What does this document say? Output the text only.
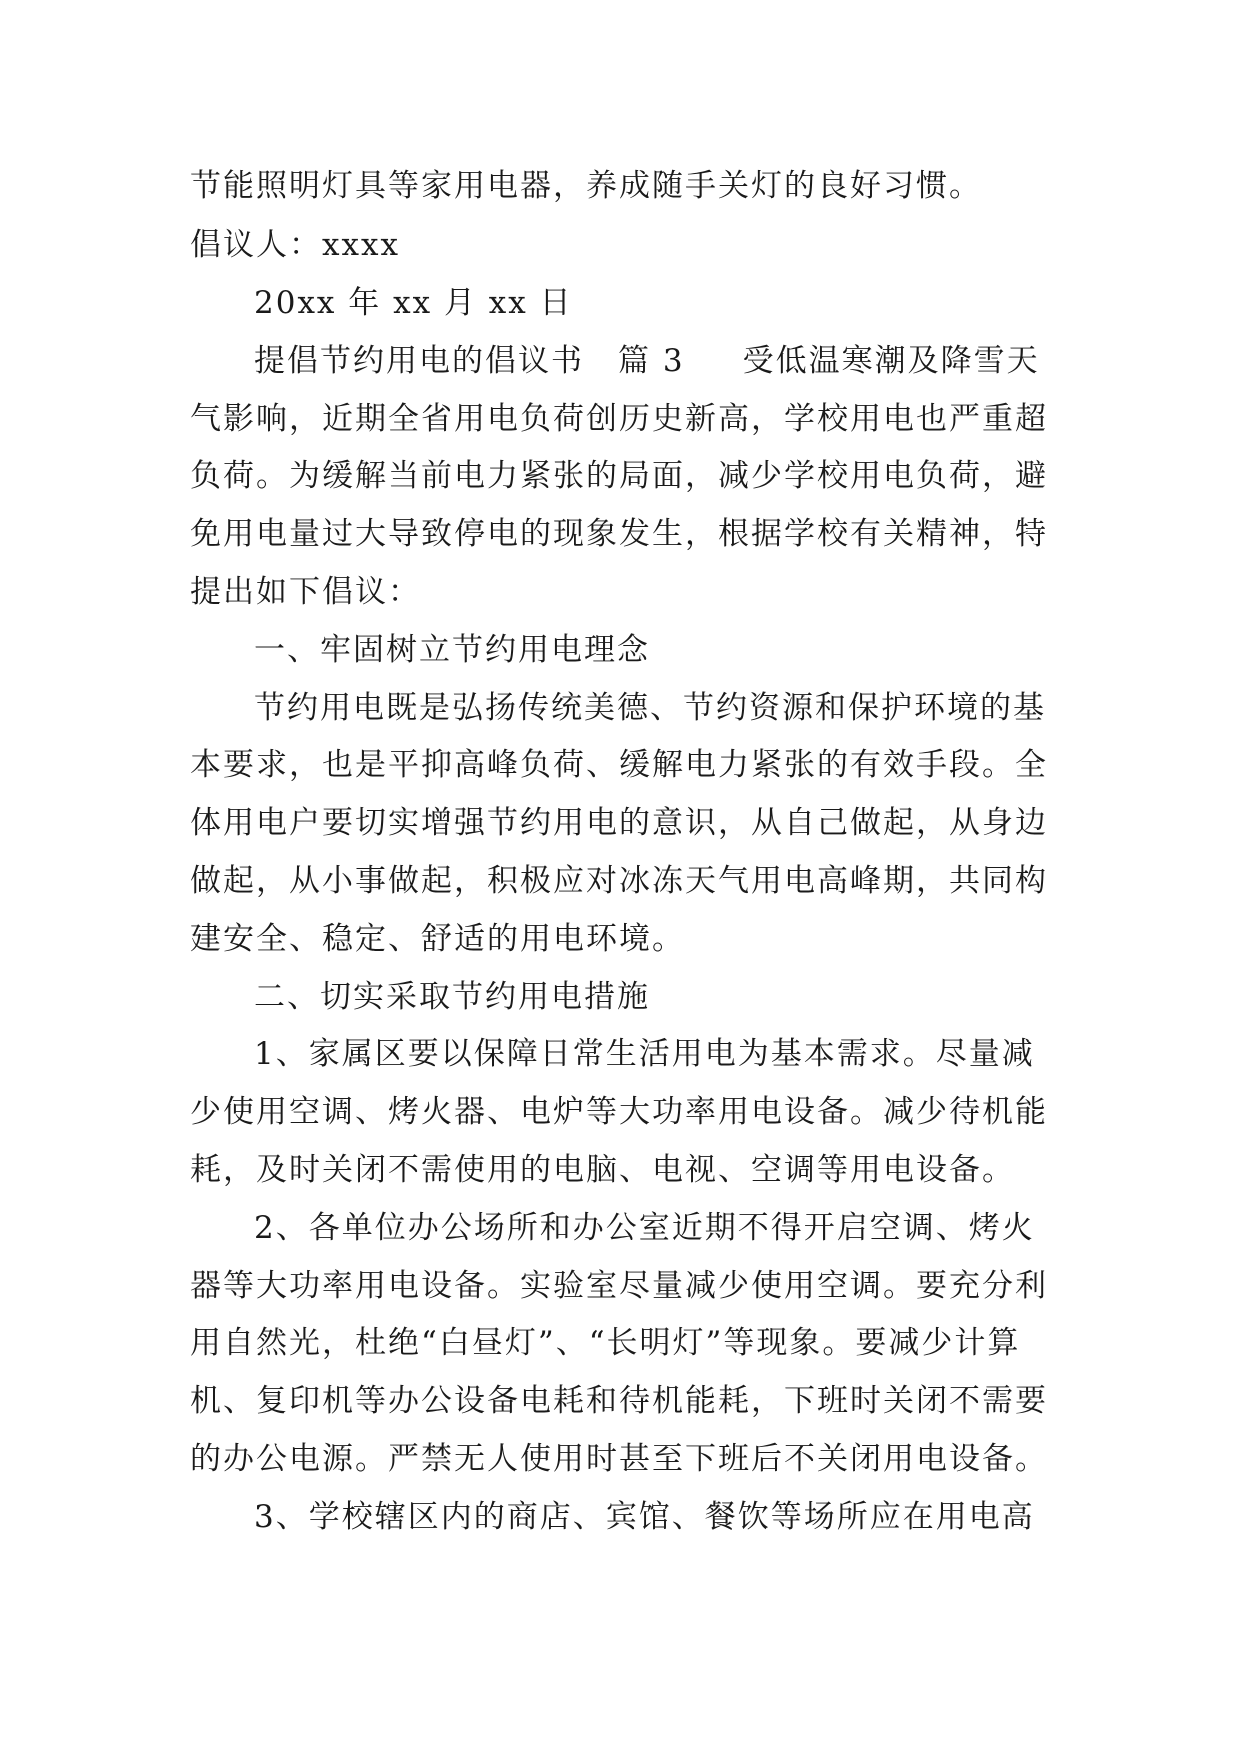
节能照明灯具等家用电器，养成随手关灯的良好习惯。
倡议人：xxxx
20xx 年 xx 月 xx 日
提倡节约用电的倡议书 篇 3 受低温寒潮及降雪天
气影响，近期全省用电负荷创历史新高，学校用电也严重超
负荷。为缓解当前电力紧张的局面，减少学校用电负荷，避
免用电量过大导致停电的现象发生，根据学校有关精神，特
提出如下倡议：
一、牢固树立节约用电理念
节约用电既是弘扬传统美德、节约资源和保护环境的基
本要求，也是平抑高峰负荷、缓解电力紧张的有效手段。全
体用电户要切实增强节约用电的意识，从自己做起，从身边
做起，从小事做起，积极应对冰冻天气用电高峰期，共同构
建安全、稳定、舒适的用电环境。
二、切实采取节约用电措施
1、家属区要以保障日常生活用电为基本需求。尽量减
少使用空调、烤火器、电炉等大功率用电设备。减少待机能
耗，及时关闭不需使用的电脑、电视、空调等用电设备。
2、各单位办公场所和办公室近期不得开启空调、烤火
器等大功率用电设备。实验室尽量减少使用空调。要充分利
用自然光，杜绝“白昼灯”、“长明灯”等现象。要减少计算
机、复印机等办公设备电耗和待机能耗，下班时关闭不需要
的办公电源。严禁无人使用时甚至下班后不关闭用电设备。
3、学校辖区内的商店、宾馆、餐饮等场所应在用电高
